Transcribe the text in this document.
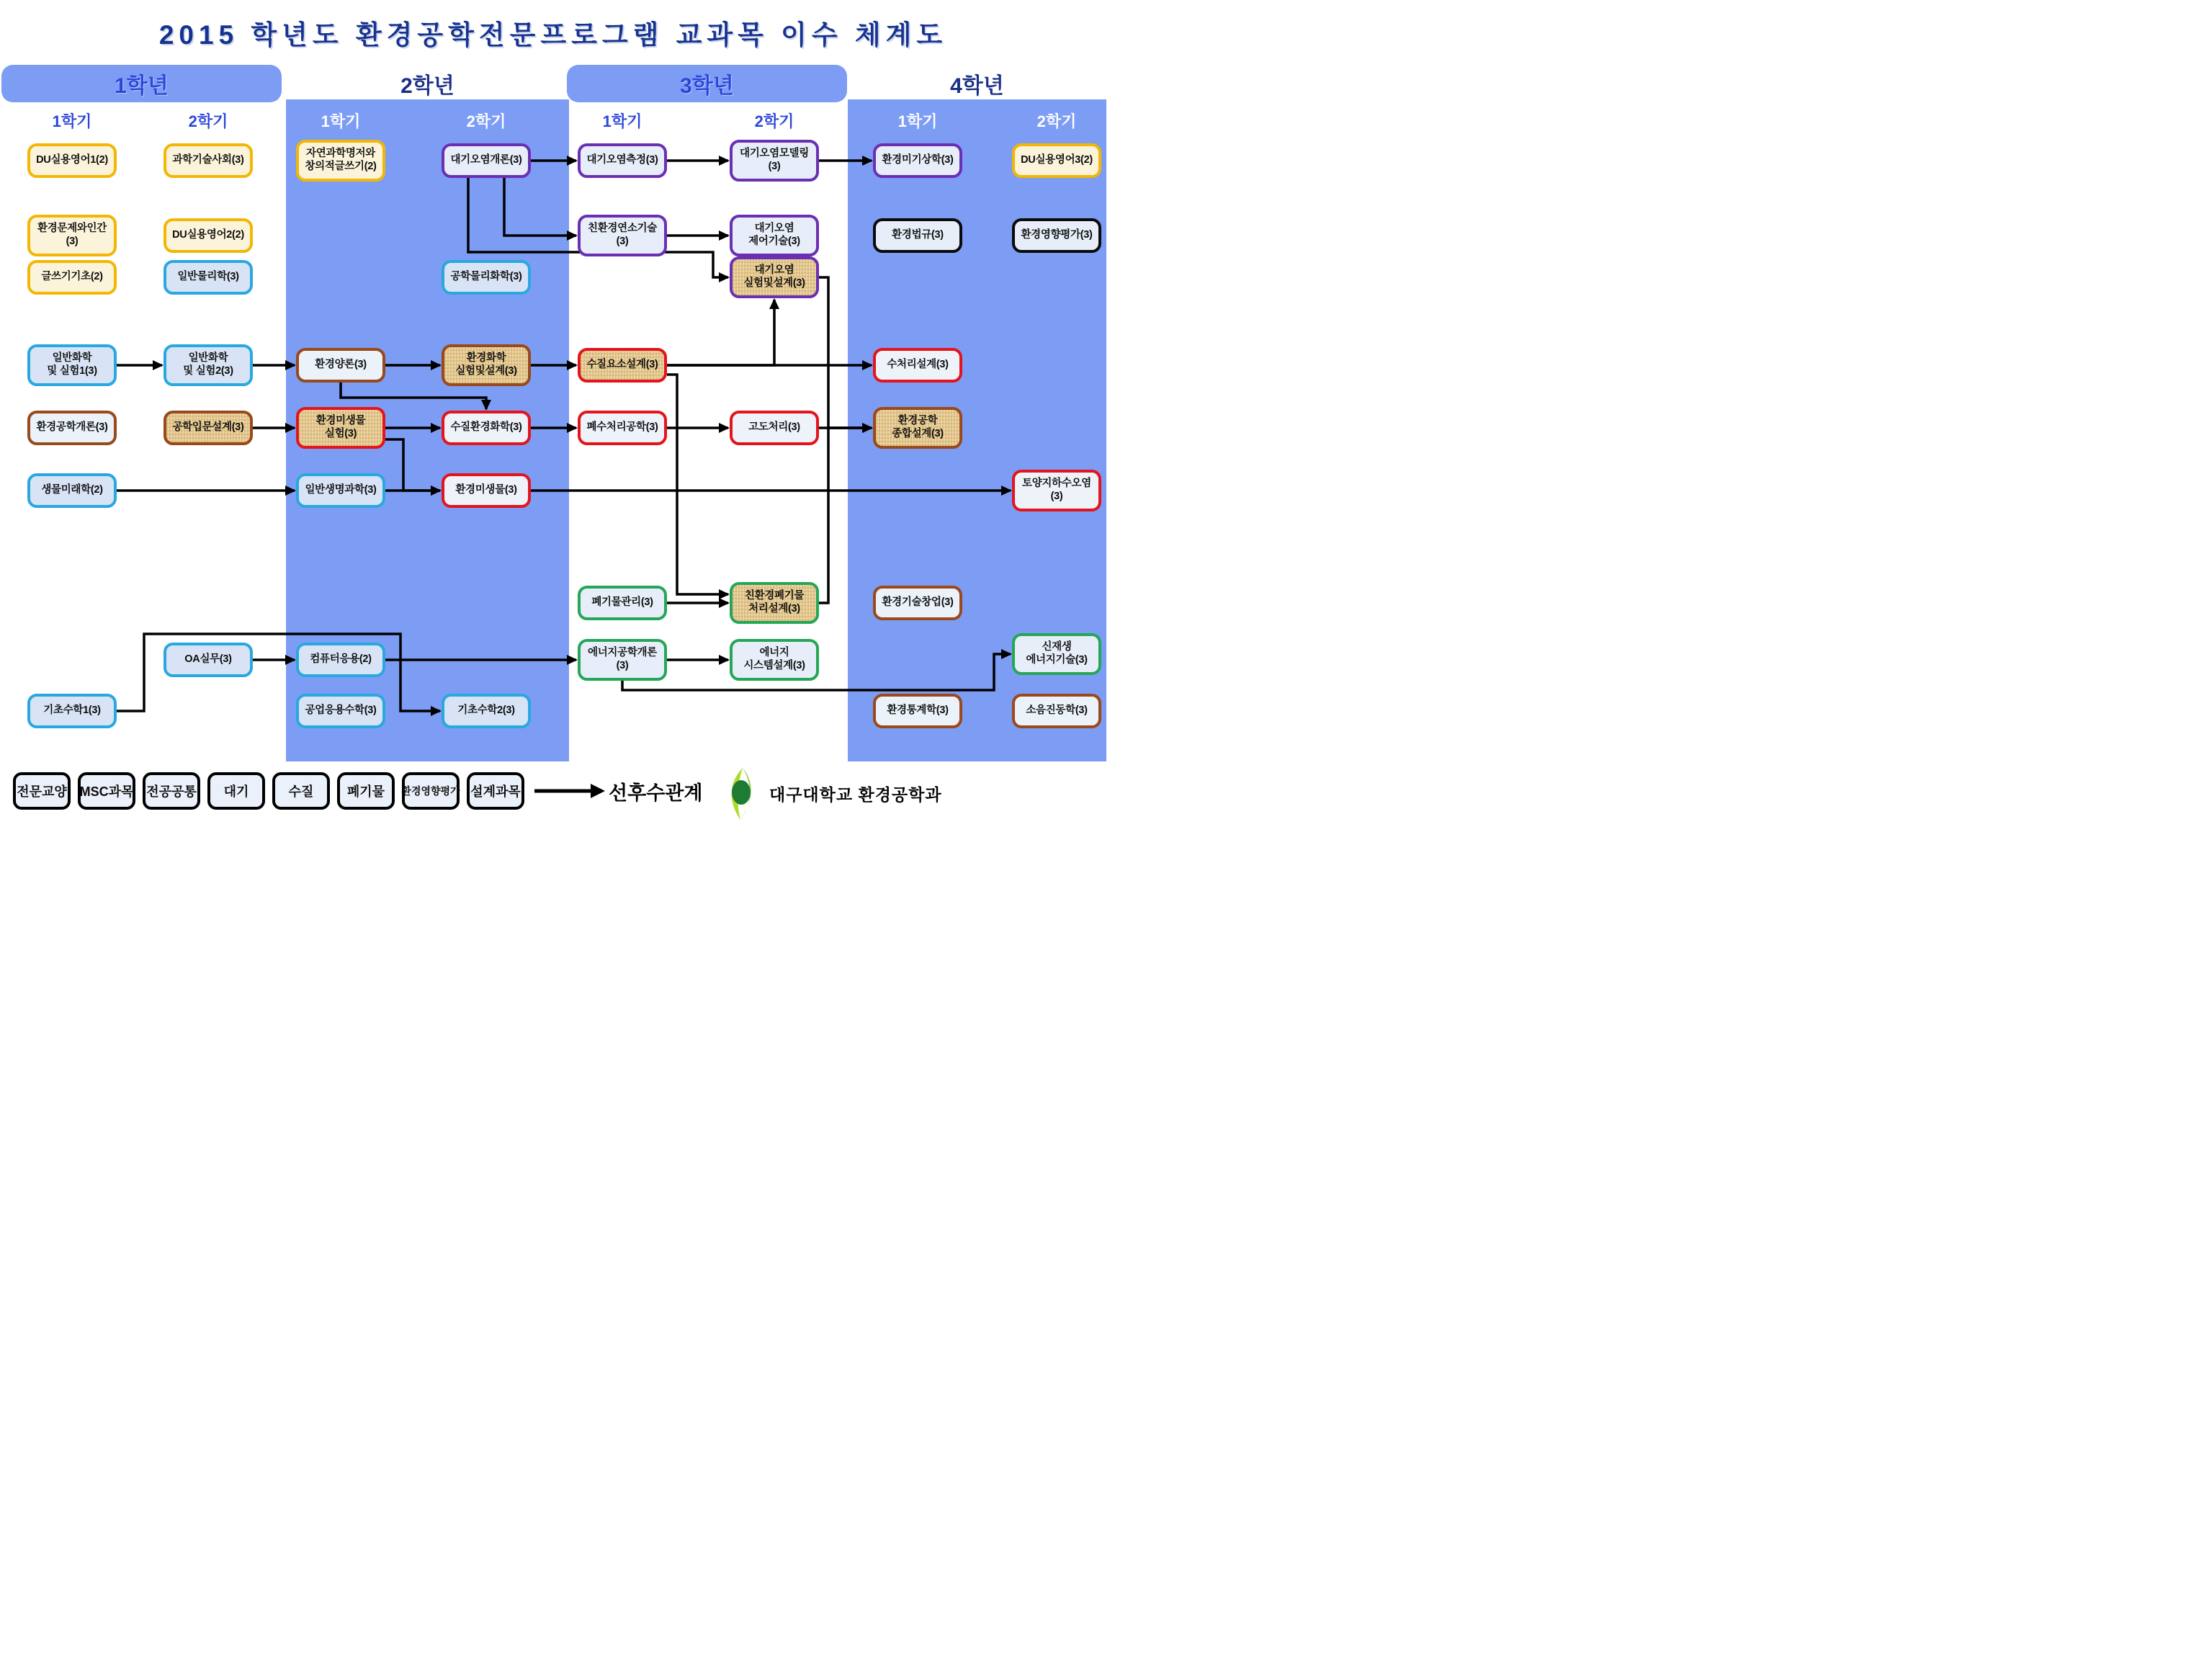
2015 학년도 환경공학전문프로그램 교과목 이수 체계도
1학년
1학기	2학기
2학년
1학기	2학기
3학년
1학기	2학기
4학년
1학기	2학기
DU실용영어1(2)
환경문제와인간
(3)
글쓰기기초(2)
일반화학
및 실험1(3)
환경공학개론(3)
생물미래학(2)
기초수학1(3)
과학기술사회(3)
DU실용영어2(2)
일반물리학(3)
일반화학
및 실험2(3)
공학입문설계(3)
OA실무(3)
자연과학명저와
창의적글쓰기(2)
환경양론(3)
환경미생물
실험(3)
일반생명과학(3)
컴퓨터응용(2)
공업응용수학(3)
대기오염개론(3)
공학물리화학(3)
환경화학
실험및설계(3)
수질환경화학(3)
환경미생물(3)
기초수학2(3)
대기오염측정(3)
친환경연소기술
(3)
수질요소설계(3)
폐수처리공학(3)
폐기물관리(3)
에너지공학개론
(3)
대기오염모델링
(3)
대기오염
제어기술(3)
대기오염
실험및설계(3)
고도처리(3)
친환경폐기물
처리설계(3)
에너지
시스템설계(3)
환경미기상학(3)
환경법규(3)
수처리설계(3)
환경공학
종합설계(3)
환경기술창업(3)
환경통계학(3)
DU실용영어3(2)
환경영향평가(3)
토양지하수오염
(3)
신재생
에너지기술(3)
소음진동학(3)
전문교양 MSC과목 전공공통	대기	수질	폐기물	환경영향평가 설계과목	선후수관계	대구대학교 환경공학과
